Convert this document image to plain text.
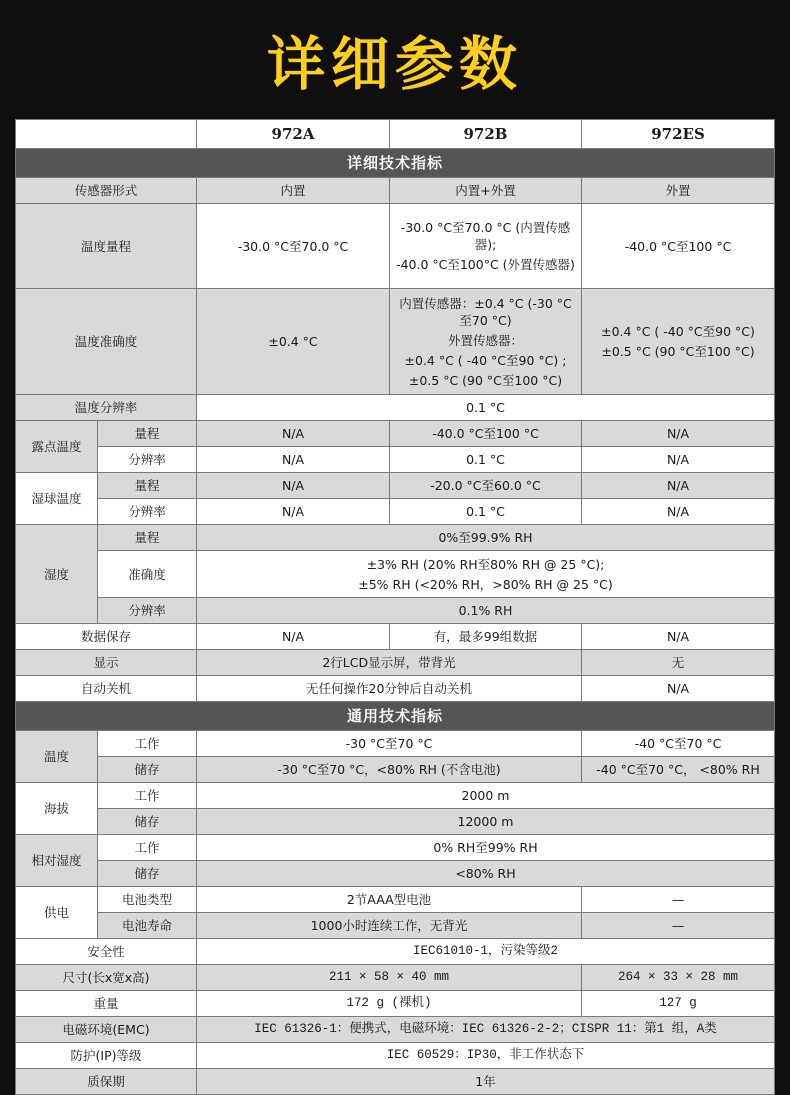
详细参数
		972A	972B	972ES
详细技术指标				
传感器形式		内置	内置+外置	外置
温度量程		-30.0 °C至70.0 °C	-30.0 °C至70.0 °C (内置传感器);
-40.0 °C至100°C (外置传感器)	-40.0 °C至100 °C
温度准确度		±0.4 °C	内置传感器：±0.4 °C (-30 °C至70 °C)
外置传感器：
±0.4 °C ( -40 °C至90 °C) ;
±0.5 °C (90 °C至100 °C)	±0.4 °C ( -40 °C至90 °C)
±0.5 °C (90 °C至100 °C)

温度分辨率		0.1 °C		
露点温度	量程	N/A	-40.0 °C至100 °C	N/A
	分辨率	N/A	0.1 °C	N/A
湿球温度	量程	N/A	-20.0 °C至60.0 °C	N/A
	分辨率	N/A	0.1 °C	N/A
湿度	量程	0%至99.9% RH		
	准确度	±3% RH (20% RH至80% RH @ 25 °C);
±5% RH (<20% RH，>80% RH @ 25 °C)		

	分辨率	0.1% RH		
数据保存		N/A	有，最多99组数据	N/A
显示		2行LCD显示屏，带背光		无
自动关机		无任何操作20分钟后自动关机		N/A
通用技术指标				
温度	工作	-30 °C至70 °C		-40 °C至70 °C
	储存	-30 °C至70 °C，<80% RH (不含电池)		-40 °C至70 °C， <80% RH
海拔	工作	2000 m		
	储存	12000 m		
相对湿度	工作	0% RH至99% RH		
	储存	<80% RH		
供电	电池类型	2节AAA型电池		—
	电池寿命	1000小时连续工作，无背光		—
安全性		IEC61010-1，污染等级2		
尺寸(长x宽x高)		211 × 58 × 40 mm		264 × 33 × 28 mm
重量		172 g (裸机)		127 g
电磁环境(EMC)		IEC 61326-1：便携式，电磁环境：IEC 61326-2-2；CISPR 11：第1 组，A类		
防护(IP)等级		IEC 60529：IP30，非工作状态下		
质保期		1年		
